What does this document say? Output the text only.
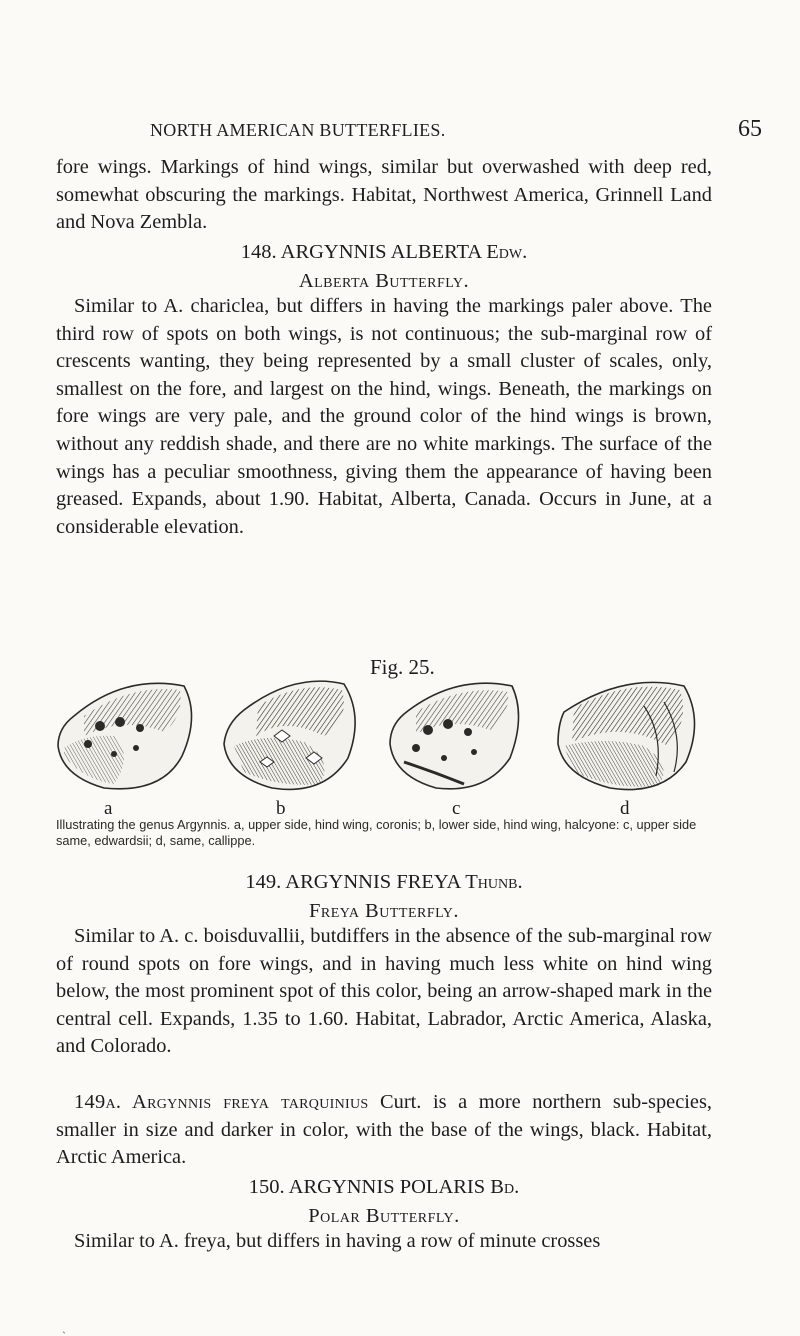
NORTH AMERICAN BUTTERFLIES.	65

fore wings. Markings of hind wings, similar but overwashed with deep red, somewhat obscuring the markings. Habitat, Northwest America, Grinnell Land and Nova Zembla.

148. ARGYNNIS ALBERTA Edw.

Alberta Butterfly.

Similar to A. chariclea, but differs in having the markings paler above. The third row of spots on both wings, is not continuous; the sub-marginal row of crescents wanting, they being represented by a small cluster of scales, only, smallest on the fore, and largest on the hind, wings. Beneath, the markings on fore wings are very pale, and the ground color of the hind wings is brown, without any reddish shade, and there are no white markings. The surface of the wings has a peculiar smoothness, giving them the appearance of having been greased. Expands, about 1.90. Habitat, Alberta, Canada. Occurs in June, at a considerable elevation.

Fig. 25.
a	b	c	d
Illustrating the genus Argynnis. a, upper side, hind wing, coronis; b, lower side, hind wing, halcyone: c, upper side same, edwardsii; d, same, callippe.

149. ARGYNNIS FREYA Thunb.

Freya Butterfly.

Similar to A. c. boisduvallii, butdiffers in the absence of the sub-marginal row of round spots on fore wings, and in having much less white on hind wing below, the most prominent spot of this color, being an arrow-shaped mark in the central cell. Expands, 1.35 to 1.60. Habitat, Labrador, Arctic America, Alaska, and Colorado.

149a. Argynnis freya tarquinius Curt. is a more northern sub-species, smaller in size and darker in color, with the base of the wings, black. Habitat, Arctic America.

150. ARGYNNIS POLARIS Bd.

Polar Butterfly.

Similar to A. freya, but differs in having a row of minute crosses

ˎ
